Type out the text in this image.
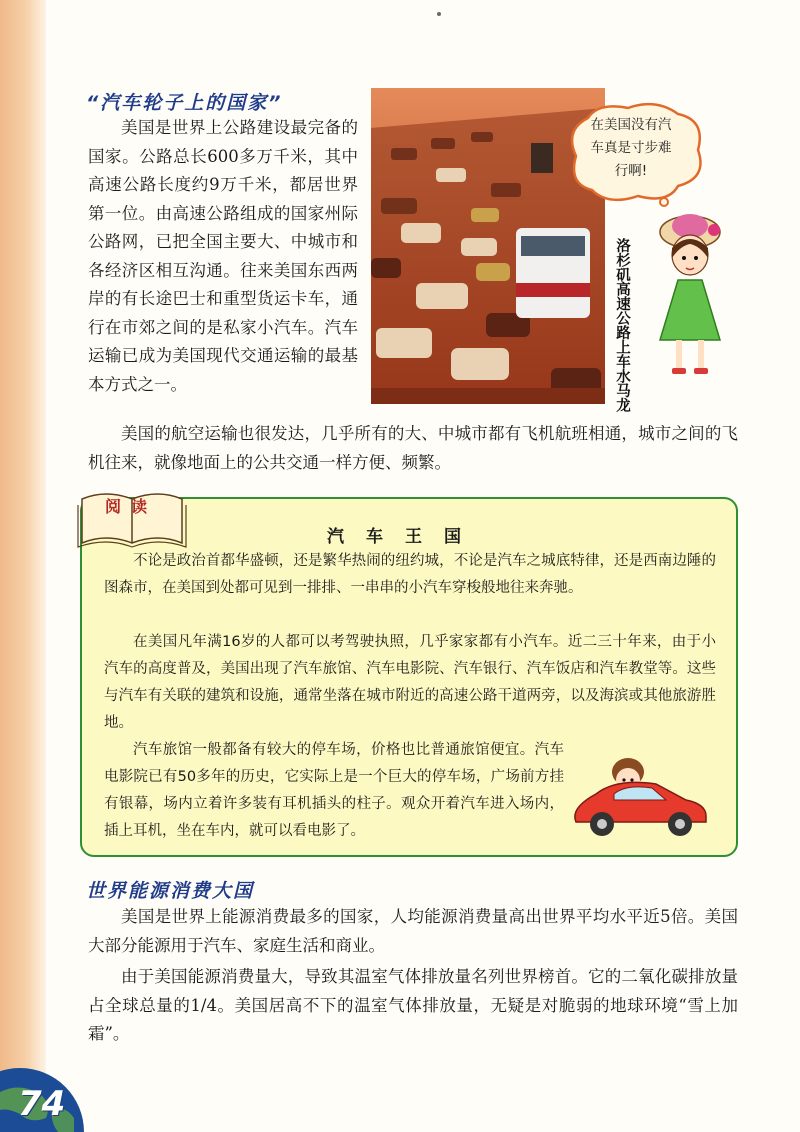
“汽车轮子上的国家”

美国是世界上公路建设最完备的国家。公路总长600多万千米，其中高速公路长度约9万千米，都居世界第一位。由高速公路组成的国家州际公路网，已把全国主要大、中城市和各经济区相互沟通。往来美国东西两岸的有长途巴士和重型货运卡车，通行在市郊之间的是私家小汽车。汽车运输已成为美国现代交通运输的最基本方式之一。

在美国没有汽车真是寸步难行啊!
洛杉矶高速公路上车水马龙

美国的航空运输也很发达，几乎所有的大、中城市都有飞机航班相通，城市之间的飞机往来，就像地面上的公共交通一样方便、频繁。

阅读
汽车王国

不论是政治首都华盛顿，还是繁华热闹的纽约城，不论是汽车之城底特律，还是西南边陲的图森市，在美国到处都可见到一排排、一串串的小汽车穿梭般地往来奔驰。

在美国凡年满16岁的人都可以考驾驶执照，几乎家家都有小汽车。近二三十年来，由于小汽车的高度普及，美国出现了汽车旅馆、汽车电影院、汽车银行、汽车饭店和汽车教堂等。这些与汽车有关联的建筑和设施，通常坐落在城市附近的高速公路干道两旁，以及海滨或其他旅游胜地。

汽车旅馆一般都备有较大的停车场，价格也比普通旅馆便宜。汽车电影院已有50多年的历史，它实际上是一个巨大的停车场，广场前方挂有银幕，场内立着许多装有耳机插头的柱子。观众开着汽车进入场内，插上耳机，坐在车内，就可以看电影了。

世界能源消费大国

美国是世界上能源消费最多的国家，人均能源消费量高出世界平均水平近5倍。美国大部分能源用于汽车、家庭生活和商业。

由于美国能源消费量大，导致其温室气体排放量名列世界榜首。它的二氧化碳排放量占全球总量的1/4。美国居高不下的温室气体排放量，无疑是对脆弱的地球环境“雪上加霜”。

74
